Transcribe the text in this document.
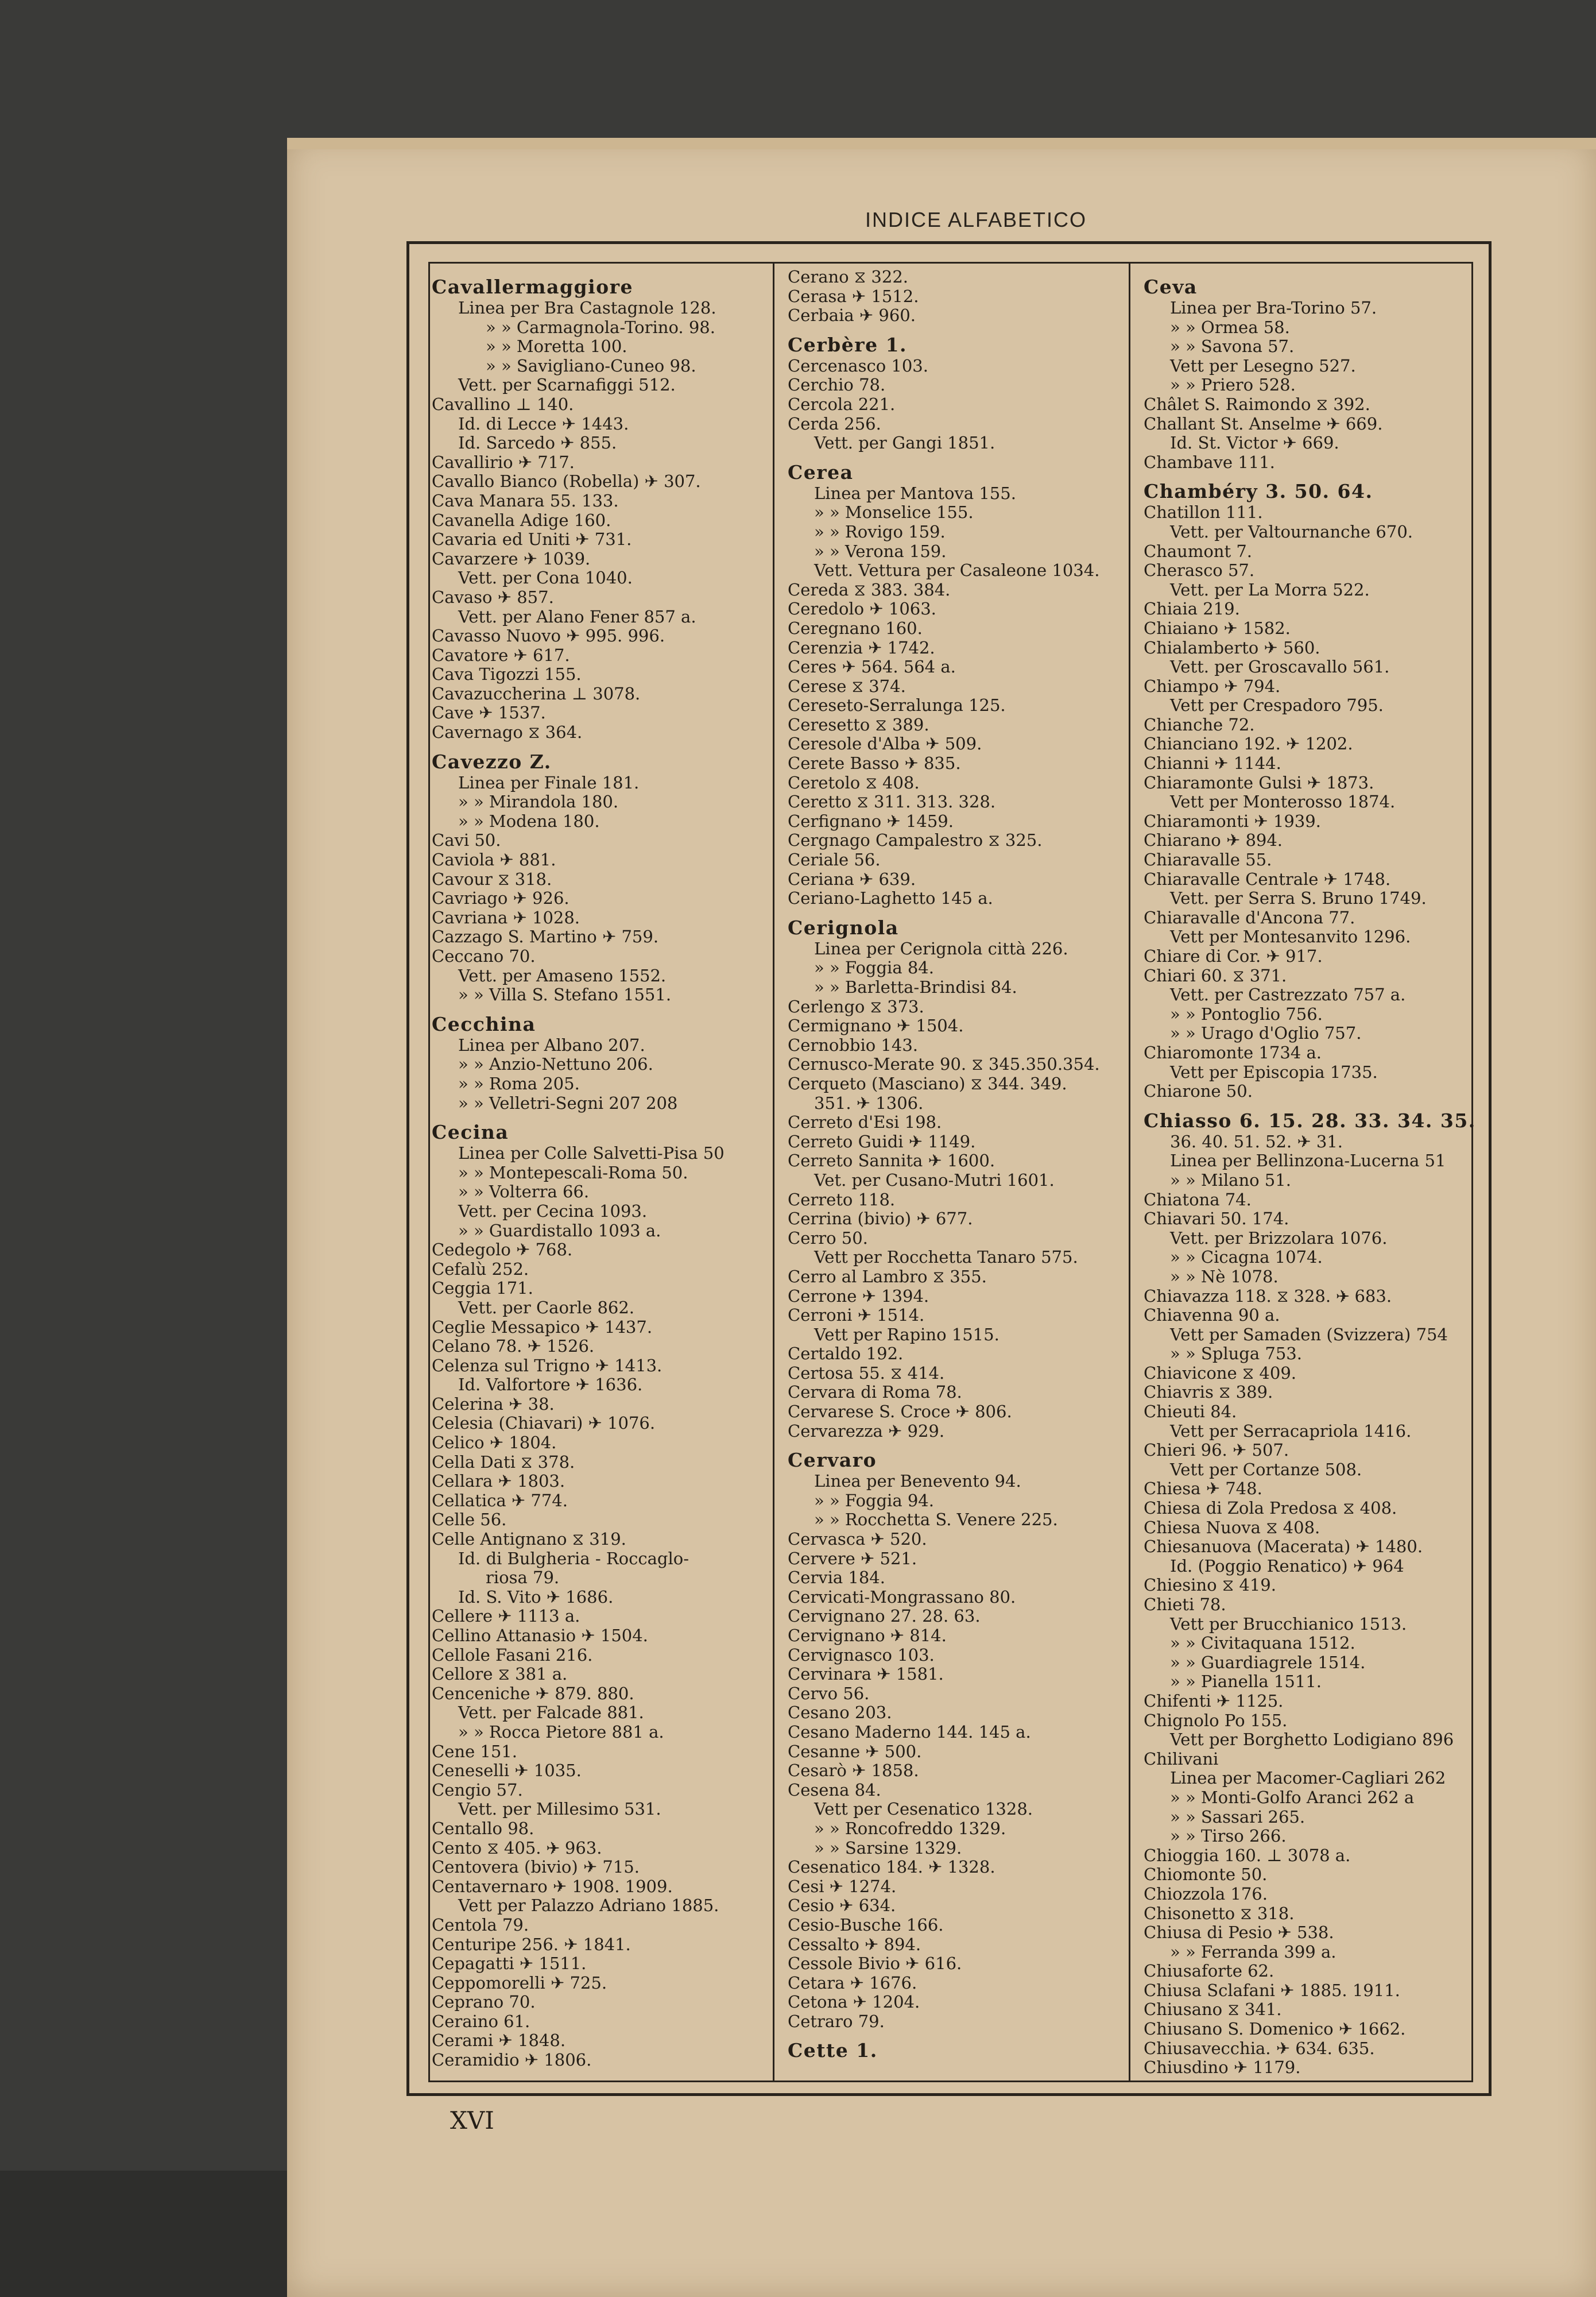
INDICE ALFABETICO
Cavallermaggiore
Linea per Bra Castagnole 128.
» » Carmagnola-Torino. 98.
» » Moretta 100.
» » Savigliano-Cuneo 98.
Vett. per Scarnafiggi 512.
Cavallino ⊥ 140.
Id. di Lecce ✈ 1443.
Id. Sarcedo ✈ 855.
Cavallirio ✈ 717.
Cavallo Bianco (Robella) ✈ 307.
Cava Manara 55. 133.
Cavanella Adige 160.
Cavaria ed Uniti ✈ 731.
Cavarzere ✈ 1039.
Vett. per Cona 1040.
Cavaso ✈ 857.
Vett. per Alano Fener 857 a.
Cavasso Nuovo ✈ 995. 996.
Cavatore ✈ 617.
Cava Tigozzi 155.
Cavazuccherina ⊥ 3078.
Cave ✈ 1537.
Cavernago ⧖ 364.
Cavezzo Z.
Linea per Finale 181.
» » Mirandola 180.
» » Modena 180.
Cavi 50.
Caviola ✈ 881.
Cavour ⧖ 318.
Cavriago ✈ 926.
Cavriana ✈ 1028.
Cazzago S. Martino ✈ 759.
Ceccano 70.
Vett. per Amaseno 1552.
» » Villa S. Stefano 1551.
Cecchina
Linea per Albano 207.
» » Anzio-Nettuno 206.
» » Roma 205.
» » Velletri-Segni 207 208
Cecina
Linea per Colle Salvetti-Pisa 50
» » Montepescali-Roma 50.
» » Volterra 66.
Vett. per Cecina 1093.
» » Guardistallo 1093 a.
Cedegolo ✈ 768.
Cefalù 252.
Ceggia 171.
Vett. per Caorle 862.
Ceglie Messapico ✈ 1437.
Celano 78. ✈ 1526.
Celenza sul Trigno ✈ 1413.
Id. Valfortore ✈ 1636.
Celerina ✈ 38.
Celesia (Chiavari) ✈ 1076.
Celico ✈ 1804.
Cella Dati ⧖ 378.
Cellara ✈ 1803.
Cellatica ✈ 774.
Celle 56.
Celle Antignano ⧖ 319.
Id. di Bulgheria - Roccaglo-
riosa 79.
Id. S. Vito ✈ 1686.
Cellere ✈ 1113 a.
Cellino Attanasio ✈ 1504.
Cellole Fasani 216.
Cellore ⧖ 381 a.
Cenceniche ✈ 879. 880.
Vett. per Falcade 881.
» » Rocca Pietore 881 a.
Cene 151.
Ceneselli ✈ 1035.
Cengio 57.
Vett. per Millesimo 531.
Centallo 98.
Cento ⧖ 405. ✈ 963.
Centovera (bivio) ✈ 715.
Centavernaro ✈ 1908. 1909.
Vett per Palazzo Adriano 1885.
Centola 79.
Centuripe 256. ✈ 1841.
Cepagatti ✈ 1511.
Ceppomorelli ✈ 725.
Ceprano 70.
Ceraino 61.
Cerami ✈ 1848.
Ceramidio ✈ 1806.
Cerano ⧖ 322.
Cerasa ✈ 1512.
Cerbaia ✈ 960.
Cerbère 1.
Cercenasco 103.
Cerchio 78.
Cercola 221.
Cerda 256.
Vett. per Gangi 1851.
Cerea
Linea per Mantova 155.
» » Monselice 155.
» » Rovigo 159.
» » Verona 159.
Vett. Vettura per Casaleone 1034.
Cereda ⧖ 383. 384.
Ceredolo ✈ 1063.
Ceregnano 160.
Cerenzia ✈ 1742.
Ceres ✈ 564. 564 a.
Cerese ⧖ 374.
Cereseto-Serralunga 125.
Ceresetto ⧖ 389.
Ceresole d'Alba ✈ 509.
Cerete Basso ✈ 835.
Ceretolo ⧖ 408.
Ceretto ⧖ 311. 313. 328.
Cerfignano ✈ 1459.
Cergnago Campalestro ⧖ 325.
Ceriale 56.
Ceriana ✈ 639.
Ceriano-Laghetto 145 a.
Cerignola
Linea per Cerignola città 226.
» » Foggia 84.
» » Barletta-Brindisi 84.
Cerlengo ⧖ 373.
Cermignano ✈ 1504.
Cernobbio 143.
Cernusco-Merate 90. ⧖ 345.350.354.
Cerqueto (Masciano) ⧖ 344. 349.
351. ✈ 1306.
Cerreto d'Esi 198.
Cerreto Guidi ✈ 1149.
Cerreto Sannita ✈ 1600.
Vet. per Cusano-Mutri 1601.
Cerreto 118.
Cerrina (bivio) ✈ 677.
Cerro 50.
Vett per Rocchetta Tanaro 575.
Cerro al Lambro ⧖ 355.
Cerrone ✈ 1394.
Cerroni ✈ 1514.
Vett per Rapino 1515.
Certaldo 192.
Certosa 55. ⧖ 414.
Cervara di Roma 78.
Cervarese S. Croce ✈ 806.
Cervarezza ✈ 929.
Cervaro
Linea per Benevento 94.
» » Foggia 94.
» » Rocchetta S. Venere 225.
Cervasca ✈ 520.
Cervere ✈ 521.
Cervia 184.
Cervicati-Mongrassano 80.
Cervignano 27. 28. 63.
Cervignano ✈ 814.
Cervignasco 103.
Cervinara ✈ 1581.
Cervo 56.
Cesano 203.
Cesano Maderno 144. 145 a.
Cesanne ✈ 500.
Cesarò ✈ 1858.
Cesena 84.
Vett per Cesenatico 1328.
» » Roncofreddo 1329.
» » Sarsine 1329.
Cesenatico 184. ✈ 1328.
Cesi ✈ 1274.
Cesio ✈ 634.
Cesio-Busche 166.
Cessalto ✈ 894.
Cessole Bivio ✈ 616.
Cetara ✈ 1676.
Cetona ✈ 1204.
Cetraro 79.
Cette 1.
Ceva
Linea per Bra-Torino 57.
» » Ormea 58.
» » Savona 57.
Vett per Lesegno 527.
» » Priero 528.
Châlet S. Raimondo ⧖ 392.
Challant St. Anselme ✈ 669.
Id. St. Victor ✈ 669.
Chambave 111.
Chambéry 3. 50. 64.
Chatillon 111.
Vett. per Valtournanche 670.
Chaumont 7.
Cherasco 57.
Vett. per La Morra 522.
Chiaia 219.
Chiaiano ✈ 1582.
Chialamberto ✈ 560.
Vett. per Groscavallo 561.
Chiampo ✈ 794.
Vett per Crespadoro 795.
Chianche 72.
Chianciano 192. ✈ 1202.
Chianni ✈ 1144.
Chiaramonte Gulsi ✈ 1873.
Vett per Monterosso 1874.
Chiaramonti ✈ 1939.
Chiarano ✈ 894.
Chiaravalle 55.
Chiaravalle Centrale ✈ 1748.
Vett. per Serra S. Bruno 1749.
Chiaravalle d'Ancona 77.
Vett per Montesanvito 1296.
Chiare di Cor. ✈ 917.
Chiari 60. ⧖ 371.
Vett. per Castrezzato 757 a.
» » Pontoglio 756.
» » Urago d'Oglio 757.
Chiaromonte 1734 a.
Vett per Episcopia 1735.
Chiarone 50.
Chiasso 6. 15. 28. 33. 34. 35.
36. 40. 51. 52. ✈ 31.
Linea per Bellinzona-Lucerna 51
» » Milano 51.
Chiatona 74.
Chiavari 50. 174.
Vett. per Brizzolara 1076.
» » Cicagna 1074.
» » Nè 1078.
Chiavazza 118. ⧖ 328. ✈ 683.
Chiavenna 90 a.
Vett per Samaden (Svizzera) 754
» » Spluga 753.
Chiavicone ⧖ 409.
Chiavris ⧖ 389.
Chieuti 84.
Vett per Serracapriola 1416.
Chieri 96. ✈ 507.
Vett per Cortanze 508.
Chiesa ✈ 748.
Chiesa di Zola Predosa ⧖ 408.
Chiesa Nuova ⧖ 408.
Chiesanuova (Macerata) ✈ 1480.
Id. (Poggio Renatico) ✈ 964
Chiesino ⧖ 419.
Chieti 78.
Vett per Brucchianico 1513.
» » Civitaquana 1512.
» » Guardiagrele 1514.
» » Pianella 1511.
Chifenti ✈ 1125.
Chignolo Po 155.
Vett per Borghetto Lodigiano 896
Chilivani
Linea per Macomer-Cagliari 262
» » Monti-Golfo Aranci 262 a
» » Sassari 265.
» » Tirso 266.
Chioggia 160. ⊥ 3078 a.
Chiomonte 50.
Chiozzola 176.
Chisonetto ⧖ 318.
Chiusa di Pesio ✈ 538.
» » Ferranda 399 a.
Chiusaforte 62.
Chiusa Sclafani ✈ 1885. 1911.
Chiusano ⧖ 341.
Chiusano S. Domenico ✈ 1662.
Chiusavecchia. ✈ 634. 635.
Chiusdino ✈ 1179.
XVI
